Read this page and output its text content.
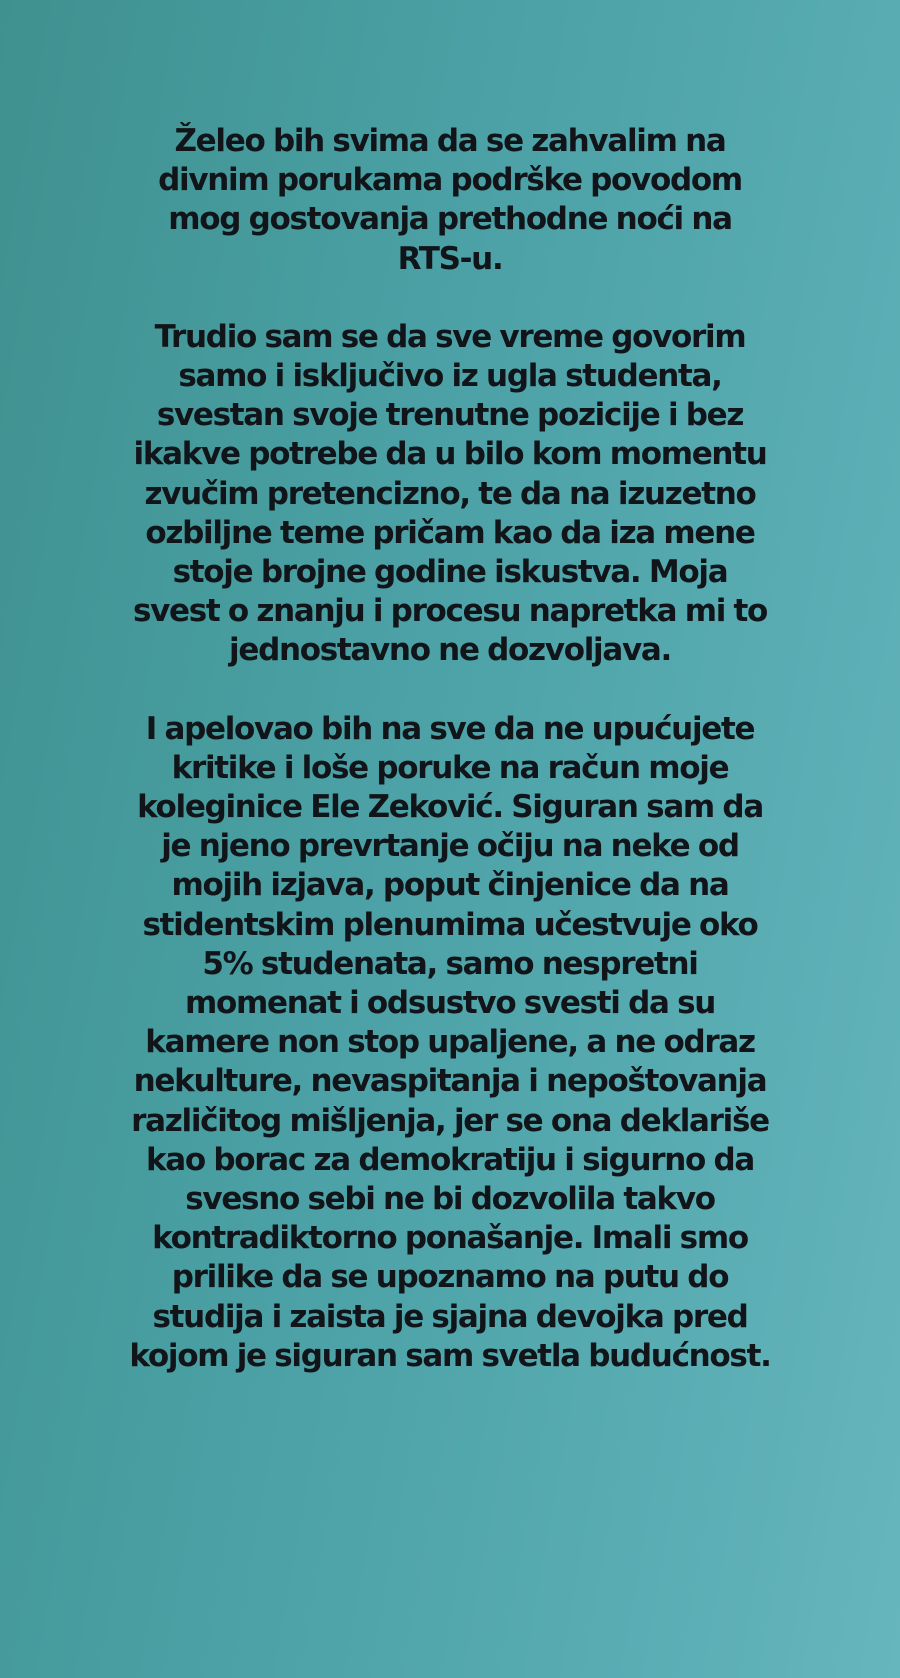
Želeo bih svima da se zahvalim na
divnim porukama podrške povodom
mog gostovanja prethodne noći na
RTS-u.

Trudio sam se da sve vreme govorim
samo i isključivo iz ugla studenta,
svestan svoje trenutne pozicije i bez
ikakve potrebe da u bilo kom momentu
zvučim pretencizno, te da na izuzetno
ozbiljne teme pričam kao da iza mene
stoje brojne godine iskustva. Moja
svest o znanju i procesu napretka mi to
jednostavno ne dozvoljava.

I apelovao bih na sve da ne upućujete
kritike i loše poruke na račun moje
koleginice Ele Zeković. Siguran sam da
je njeno prevrtanje očiju na neke od
mojih izjava, poput činjenice da na
stidentskim plenumima učestvuje oko
5% studenata, samo nespretni
momenat i odsustvo svesti da su
kamere non stop upaljene, a ne odraz
nekulture, nevaspitanja i nepoštovanja
različitog mišljenja, jer se ona deklariše
kao borac za demokratiju i sigurno da
svesno sebi ne bi dozvolila takvo
kontradiktorno ponašanje. Imali smo
prilike da se upoznamo na putu do
studija i zaista je sjajna devojka pred
kojom je siguran sam svetla budućnost.
